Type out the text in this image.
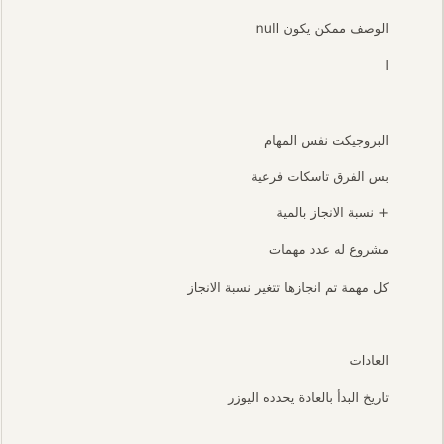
الوصف ممكن يكون null
ا
البروجيكت نفس المهام
بس الفرق تاسكات فرعية
+ نسبة الانجاز بالمية
مشروع له عدد مهمات
كل مهمة تم انجازها تتغير نسبة الانجاز
العادات
تاريخ البدأ بالعادة يحدده اليوزر
